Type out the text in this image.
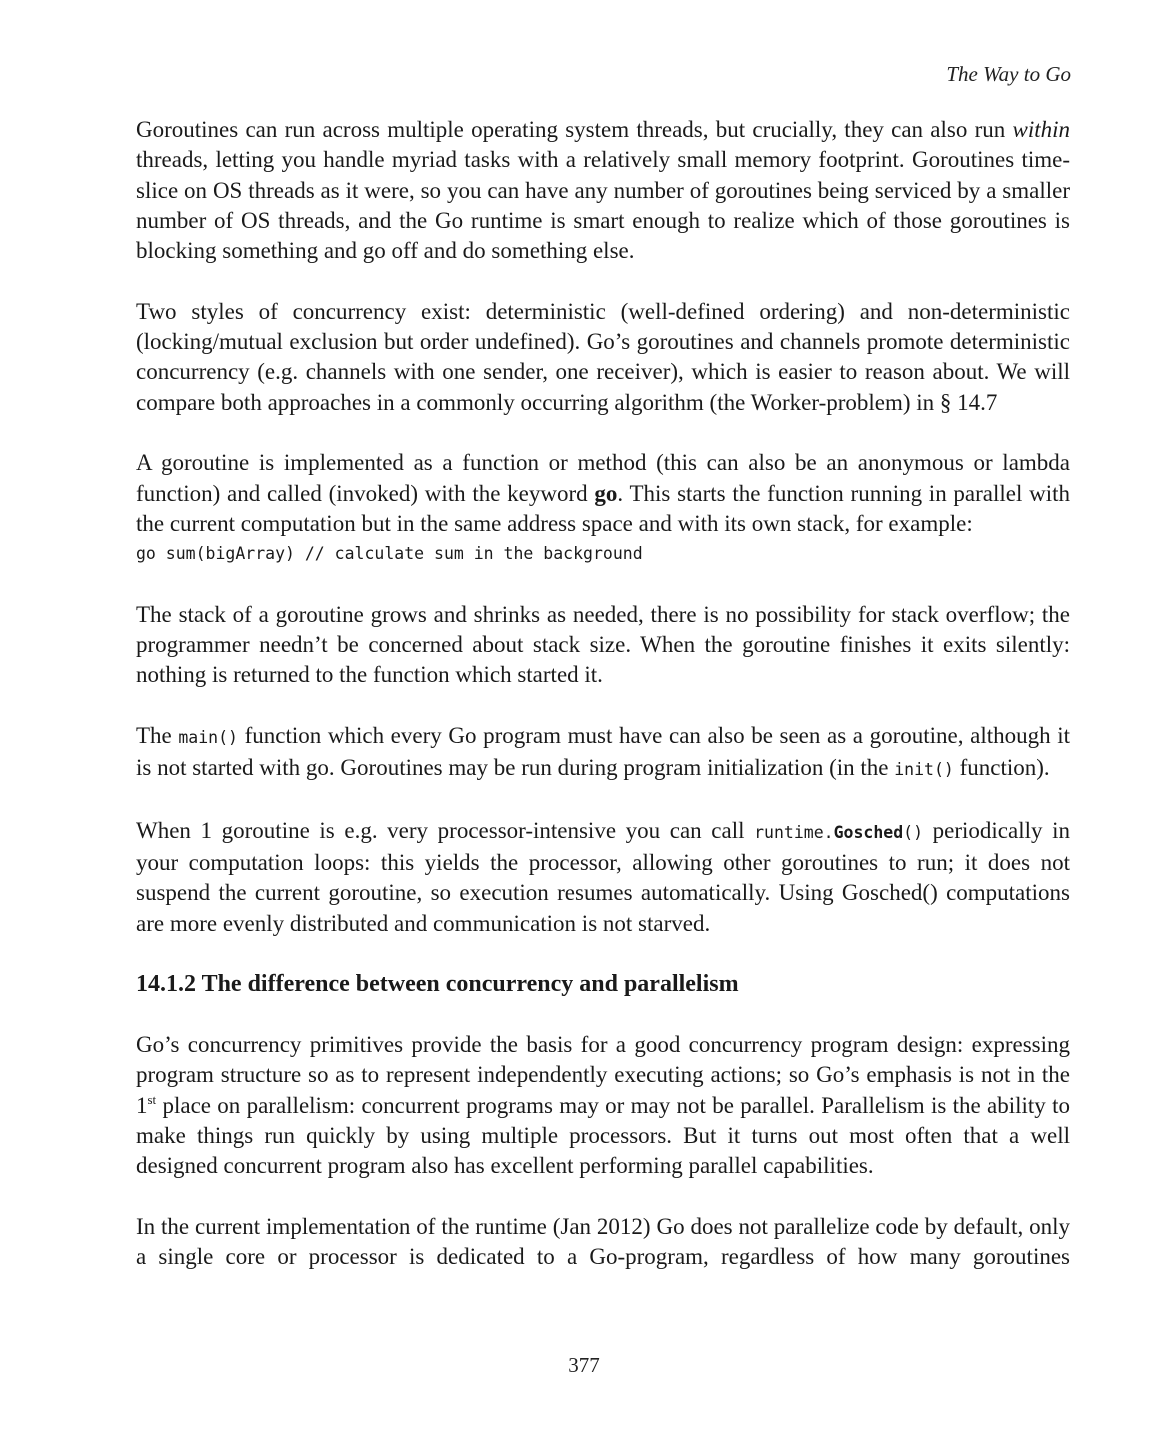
The Way to Go

Goroutines can run across multiple operating system threads, but crucially, they can also run within threads, letting you handle myriad tasks with a relatively small memory footprint. Goroutines time-slice on OS threads as it were, so you can have any number of goroutines being serviced by a smaller number of OS threads, and the Go runtime is smart enough to realize which of those goroutines is blocking something and go off and do something else.

Two styles of concurrency exist: deterministic (well-defined ordering) and non-deterministic (locking/mutual exclusion but order undefined). Go’s goroutines and channels promote deterministic concurrency (e.g. channels with one sender, one receiver), which is easier to reason about. We will compare both approaches in a commonly occurring algorithm (the Worker-problem) in § 14.7

A goroutine is implemented as a function or method (this can also be an anonymous or lambda function) and called (invoked) with the keyword go. This starts the function running in parallel with the current computation but in the same address space and with its own stack, for example:

go sum(bigArray) // calculate sum in the background

The stack of a goroutine grows and shrinks as needed, there is no possibility for stack overflow; the programmer needn’t be concerned about stack size. When the goroutine finishes it exits silently: nothing is returned to the function which started it.

The main() function which every Go program must have can also be seen as a goroutine, although it is not started with go. Goroutines may be run during program initialization (in the init() function).

When 1 goroutine is e.g. very processor-intensive you can call runtime.Gosched() periodically in your computation loops: this yields the processor, allowing other goroutines to run; it does not suspend the current goroutine, so execution resumes automatically. Using Gosched() computations are more evenly distributed and communication is not starved.

14.1.2 The difference between concurrency and parallelism

Go’s concurrency primitives provide the basis for a good concurrency program design: expressing program structure so as to represent independently executing actions; so Go’s emphasis is not in the 1st place on parallelism: concurrent programs may or may not be parallel. Parallelism is the ability to make things run quickly by using multiple processors. But it turns out most often that a well designed concurrent program also has excellent performing parallel capabilities.

In the current implementation of the runtime (Jan 2012) Go does not parallelize code by default, only a single core or processor is dedicated to a Go-program, regardless of how many goroutines

377
